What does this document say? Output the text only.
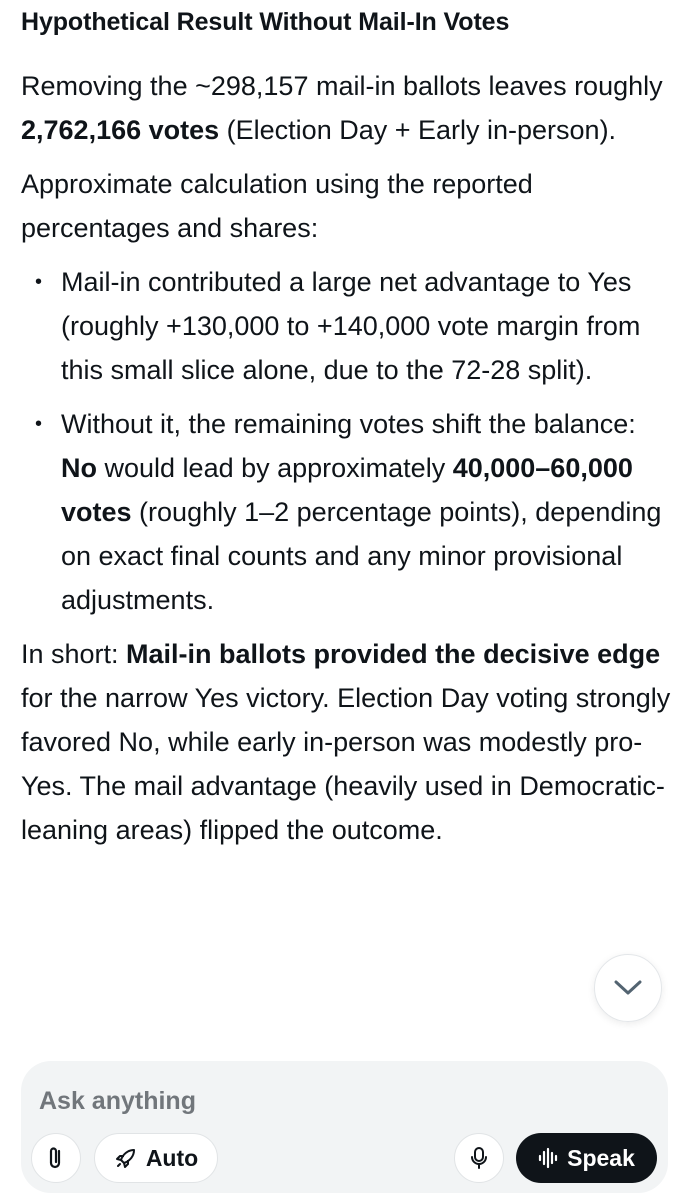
Hypothetical Result Without Mail-In Votes

Removing the ~298,157 mail-in ballots leaves roughly 2,762,166 votes (Election Day + Early in-person).

Approximate calculation using the reported percentages and shares:

• Mail-in contributed a large net advantage to Yes (roughly +130,000 to +140,000 vote margin from this small slice alone, due to the 72-28 split).
• Without it, the remaining votes shift the balance: No would lead by approximately 40,000–60,000 votes (roughly 1–2 percentage points), depending on exact final counts and any minor provisional adjustments.

In short: Mail-in ballots provided the decisive edge for the narrow Yes victory. Election Day voting strongly favored No, while early in-person was modestly pro-Yes. The mail advantage (heavily used in Democratic-leaning areas) flipped the outcome.

Ask anything
Auto	Speak
